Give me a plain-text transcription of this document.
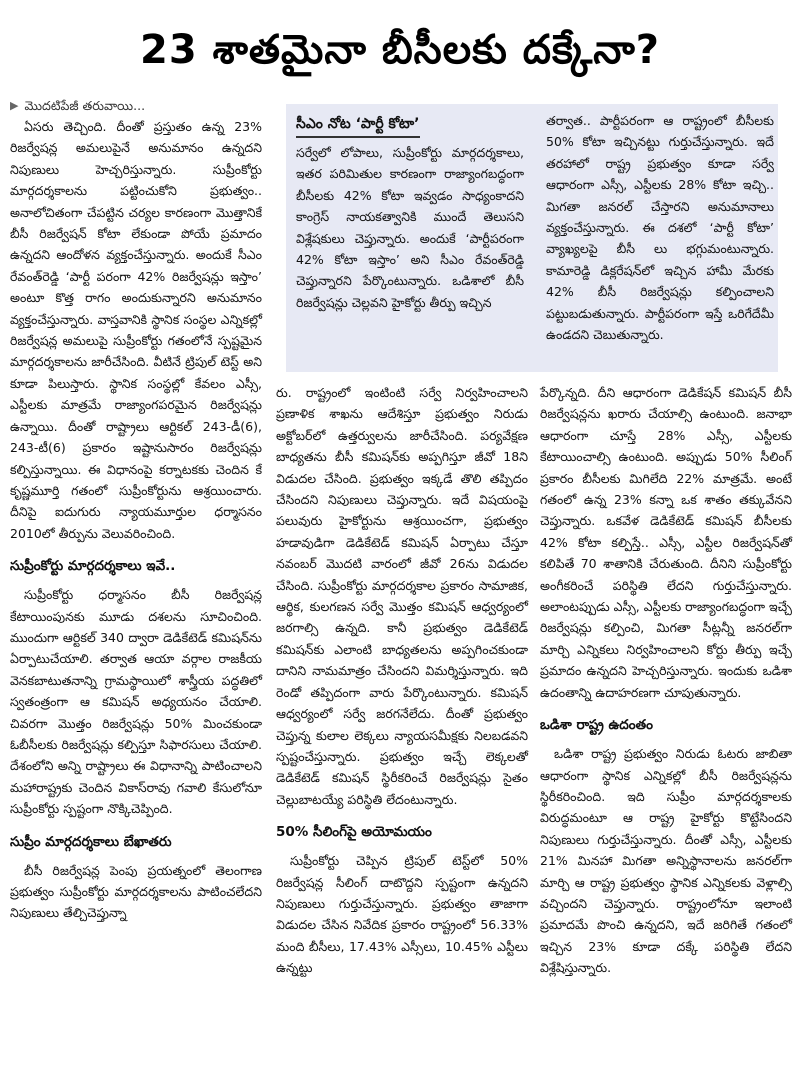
23 శాతమైనా బీసీలకు దక్కేనా?
▶ మొదటిపేజీ తరువాయి...

ఏసరు తెచ్చింది. దీంతో ప్రస్తుతం ఉన్న 23% రిజర్వేషన్ల అమలుపైనే అనుమానం ఉన్నదని నిపుణులు హెచ్చరిస్తున్నారు. సుప్రీంకోర్టు మార్గదర్శకాలను పట్టించుకోని ప్రభుత్వం.. అనాలోచితంగా చేపట్టిన చర్యల కారణంగా మొత్తానికే బీసీ రిజర్వేషన్ కోటా లేకుండా పోయే ప్రమాదం ఉన్నదని ఆందోళన వ్యక్తంచేస్తున్నారు. అందుకే సీఎం రేవంత్‌రెడ్డి ‘పార్టీ పరంగా 42% రిజర్వేషన్లు ఇస్తాం’ అంటూ కొత్త రాగం అందుకున్నారని అనుమానం వ్యక్తంచేస్తున్నారు. వాస్తవానికి స్థానిక సంస్థల ఎన్నికల్లో రిజర్వేషన్ల అమలుపై సుప్రీంకోర్టు గతంలోనే స్పష్టమైన మార్గదర్శకాలను జారీచేసింది. వీటినే ట్రిపుల్ టెస్ట్ అని కూడా పిలుస్తారు. స్థానిక సంస్థల్లో కేవలం ఎస్సీ, ఎస్టీలకు మాత్రమే రాజ్యాంగపరమైన రిజర్వేషన్లు ఉన్నాయి. దీంతో రాష్ట్రాలు ఆర్టికల్ 243-డీ(6), 243-టీ(6) ప్రకారం ఇష్టానుసారం రిజర్వేషన్లు కల్పిస్తున్నాయి. ఈ విధానంపై కర్నాటకకు చెందిన కే కృష్ణమూర్తి గతంలో సుప్రీంకోర్టును ఆశ్రయించారు. దీనిపై ఐదుగురు న్యాయమూర్తుల ధర్మాసనం 2010లో తీర్పును వెలువరించింది.

సుప్రీంకోర్టు మార్గదర్శకాలు ఇవే..

సుప్రీంకోర్టు ధర్మాసనం బీసీ రిజర్వేషన్ల కేటాయింపునకు మూడు దశలను సూచించింది. ముందుగా ఆర్టికల్ 340 ద్వారా డెడికేటెడ్ కమిషన్‌ను ఏర్పాటుచేయాలి. తర్వాత ఆయా వర్గాల రాజకీయ వెనకబాటుతనాన్ని గ్రామస్థాయిలో శాస్త్రీయ పద్ధతిలో స్వతంత్రంగా ఆ కమిషన్ అధ్యయనం చేయాలి. చివరగా మొత్తం రిజర్వేషన్లు 50% మించకుండా ఓబీసీలకు రిజర్వేషన్లు కల్పిస్తూ సిఫారసులు చేయాలి. దేశంలోని అన్ని రాష్ట్రాలు ఈ విధానాన్ని పాటించాలని మహారాష్ట్రకు చెందిన వికాస్‌రావు గవాలి కేసులోనూ సుప్రీంకోర్టు స్పష్టంగా నొక్కిచెప్పింది.

సుప్రీం మార్గదర్శకాలు బేఖాతరు

బీసీ రిజర్వేషన్ల పెంపు ప్రయత్నంలో తెలంగాణ ప్రభుత్వం సుప్రీంకోర్టు మార్గదర్శకాలను పాటించలేదని నిపుణులు తేల్చిచెప్తున్నా

సీఎం నోట ‘పార్టీ కోటా’
సర్వేలో లోపాలు, సుప్రీంకోర్టు మార్గదర్శకాలు, ఇతర పరిమితుల కారణంగా రాజ్యాంగబద్ధంగా బీసీలకు 42% కోటా ఇవ్వడం సాధ్యంకాదని కాంగ్రెస్ నాయకత్వానికి ముందే తెలుసని విశ్లేషకులు చెప్తున్నారు. అందుకే ‘పార్టీపరంగా 42% కోటా ఇస్తాం’ అని సీఎం రేవంత్‌రెడ్డి చెప్తున్నారని పేర్కొంటున్నారు. ఒడిశాలో బీసీ రిజర్వేషన్లు చెల్లవని హైకోర్టు తీర్పు ఇచ్చిన
తర్వాత.. పార్టీపరంగా ఆ రాష్ట్రంలో బీసీలకు 50% కోటా ఇచ్చినట్టు గుర్తుచేస్తున్నారు. ఇదే తరహాలో రాష్ట్ర ప్రభుత్వం కూడా సర్వే ఆధారంగా ఎస్సీ, ఎస్టీలకు 28% కోటా ఇచ్చి.. మిగతా జనరల్ చేస్తారని అనుమానాలు వ్యక్తంచేస్తున్నారు. ఈ దశలో ‘పార్టీ కోటా’ వ్యాఖ్యలపై బీసీ లు భగ్గుమంటున్నారు. కామారెడ్డి డిక్లరేషన్‌లో ఇచ్చిన హామీ మేరకు 42% బీసీ రిజర్వేషన్లు కల్పించాలని పట్టుబడుతున్నారు. పార్టీపరంగా ఇస్తే ఒరిగేదేమీ ఉండదని చెబుతున్నారు.

రు. రాష్ట్రంలో ఇంటింటి సర్వే నిర్వహించాలని ప్రణాళిక శాఖను ఆదేశిస్తూ ప్రభుత్వం నిరుడు అక్టోబర్‌లో ఉత్తర్వులను జారీచేసింది. పర్యవేక్షణ బాధ్యతను బీసీ కమిషన్‌కు అప్పగిస్తూ జీవో 18ని విడుదల చేసింది. ప్రభుత్వం ఇక్కడే తొలి తప్పిదం చేసిందని నిపుణులు చెప్తున్నారు. ఇదే విషయంపై పలువురు హైకోర్టును ఆశ్రయించగా, ప్రభుత్వం హడావుడిగా డెడికేటెడ్ కమిషన్ ఏర్పాటు చేస్తూ నవంబర్ మొదటి వారంలో జీవో 26ను విడుదల చేసింది. సుప్రీంకోర్టు మార్గదర్శకాల ప్రకారం సామాజిక, ఆర్థిక, కులగణన సర్వే మొత్తం కమిషన్ ఆధ్వర్యంలో జరగాల్సి ఉన్నది. కానీ ప్రభుత్వం డెడికేటెడ్ కమిషన్‌కు ఎలాంటి బాధ్యతలను అప్పగించకుండా దానిని నామమాత్రం చేసిందని విమర్శిస్తున్నారు. ఇది రెండో తప్పిదంగా వారు పేర్కొంటున్నారు. కమిషన్ ఆధ్వర్యంలో సర్వే జరగనేలేదు. దీంతో ప్రభుత్వం చెప్తున్న కులాల లెక్కలు న్యాయసమీక్షకు నిలబడవని స్పష్టంచేస్తున్నారు. ప్రభుత్వం ఇచ్చే లెక్కలతో డెడికేటెడ్ కమిషన్ స్థిరీకరించే రిజర్వేషన్లు సైతం చెల్లుబాటయ్యే పరిస్థితి లేదంటున్నారు.

50% సీలింగ్‌పై అయోమయం

సుప్రీంకోర్టు చెప్పిన ట్రిపుల్ టెస్ట్‌లో 50% రిజర్వేషన్ల సీలింగ్ దాటొద్దని స్పష్టంగా ఉన్నదని నిపుణులు గుర్తుచేస్తున్నారు. ప్రభుత్వం తాజాగా విడుదల చేసిన నివేదిక ప్రకారం రాష్ట్రంలో 56.33% మంది బీసీలు, 17.43% ఎస్సీలు, 10.45% ఎస్టీలు ఉన్నట్టు

పేర్కొన్నది. దీని ఆధారంగా డెడికేషన్ కమిషన్ బీసీ రిజర్వేషన్లను ఖరారు చేయాల్సి ఉంటుంది. జనాభా ఆధారంగా చూస్తే 28% ఎస్సీ, ఎస్టీలకు కేటాయించాల్సి ఉంటుంది. అప్పుడు 50% సీలింగ్ ప్రకారం బీసీలకు మిగిలేది 22% మాత్రమే. అంటే గతంలో ఉన్న 23% కన్నా ఒక శాతం తక్కువేనని చెప్తున్నారు. ఒకవేళ డెడికేటెడ్ కమిషన్ బీసీలకు 42% కోటా కల్పిస్తే.. ఎస్సీ, ఎస్టీల రిజర్వేషన్‌తో కలిపితే 70 శాతానికి చేరుతుంది. దీనిని సుప్రీంకోర్టు అంగీకరించే పరిస్థితి లేదని గుర్తుచేస్తున్నారు. అలాంటప్పుడు ఎస్సీ, ఎస్టీలకు రాజ్యాంగబద్ధంగా ఇచ్చే రిజర్వేషన్లు కల్పించి, మిగతా సీట్లన్నీ జనరల్‌గా మార్చి ఎన్నికలు నిర్వహించాలని కోర్టు తీర్పు ఇచ్చే ప్రమాదం ఉన్నదని హెచ్చరిస్తున్నారు. ఇందుకు ఒడిశా ఉదంతాన్ని ఉదాహరణగా చూపుతున్నారు.

ఒడిశా రాష్ట్ర ఉదంతం

ఒడిశా రాష్ట్ర ప్రభుత్వం నిరుడు ఓటరు జాబితా ఆధారంగా స్థానిక ఎన్నికల్లో బీసీ రిజర్వేషన్లను స్థిరీకరించింది. ఇది సుప్రీం మార్గదర్శకాలకు విరుద్ధమంటూ ఆ రాష్ట్ర హైకోర్టు కొట్టేసిందని నిపుణులు గుర్తుచేస్తున్నారు. దీంతో ఎస్సీ, ఎస్టీలకు 21% మినహా మిగతా అన్నిస్థానాలను జనరల్‌గా మార్చి ఆ రాష్ట్ర ప్రభుత్వం స్థానిక ఎన్నికలకు వెళ్లాల్సి వచ్చిందని చెప్తున్నారు. రాష్ట్రంలోనూ ఇలాంటి ప్రమాదమే పొంచి ఉన్నదని, ఇదే జరిగితే గతంలో ఇచ్చిన 23% కూడా దక్కే పరిస్థితి లేదని విశ్లేషిస్తున్నారు.
